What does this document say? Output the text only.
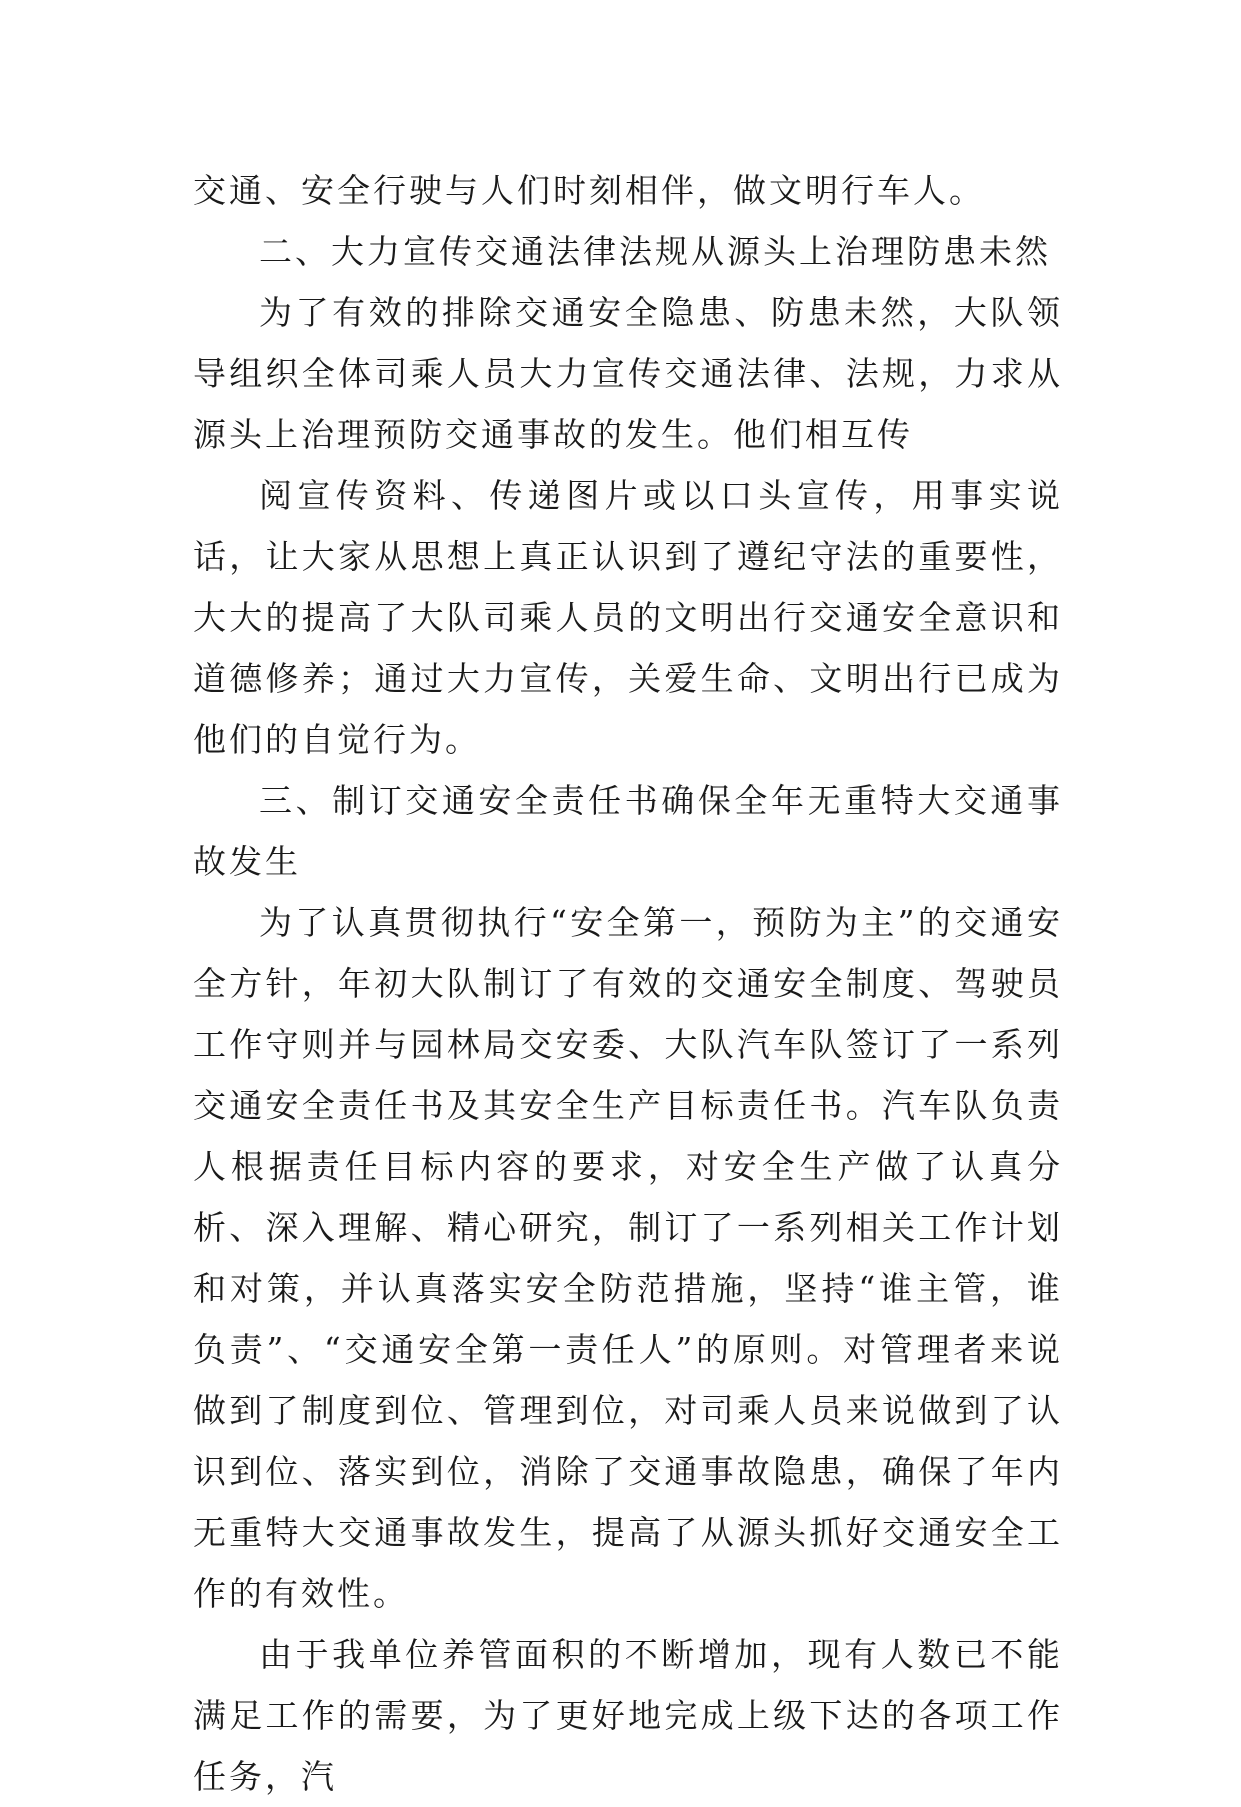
交通、安全行驶与人们时刻相伴，做文明行车人。

二、大力宣传交通法律法规从源头上治理防患未然

为了有效的排除交通安全隐患、防患未然，大队领导组织全体司乘人员大力宣传交通法律、法规，力求从源头上治理预防交通事故的发生。他们相互传

阅宣传资料、传递图片或以口头宣传，用事实说话，让大家从思想上真正认识到了遵纪守法的重要性，大大的提高了大队司乘人员的文明出行交通安全意识和道德修养；通过大力宣传，关爱生命、文明出行已成为他们的自觉行为。

三、制订交通安全责任书确保全年无重特大交通事故发生

为了认真贯彻执行“安全第一，预防为主”的交通安全方针，年初大队制订了有效的交通安全制度、驾驶员工作守则并与园林局交安委、大队汽车队签订了一系列交通安全责任书及其安全生产目标责任书。汽车队负责人根据责任目标内容的要求，对安全生产做了认真分析、深入理解、精心研究，制订了一系列相关工作计划和对策，并认真落实安全防范措施，坚持“谁主管，谁负责”、“交通安全第一责任人”的原则。对管理者来说做到了制度到位、管理到位，对司乘人员来说做到了认识到位、落实到位，消除了交通事故隐患，确保了年内无重特大交通事故发生，提高了从源头抓好交通安全工作的有效性。

由于我单位养管面积的不断增加，现有人数已不能满足工作的需要，为了更好地完成上级下达的各项工作任务，汽
